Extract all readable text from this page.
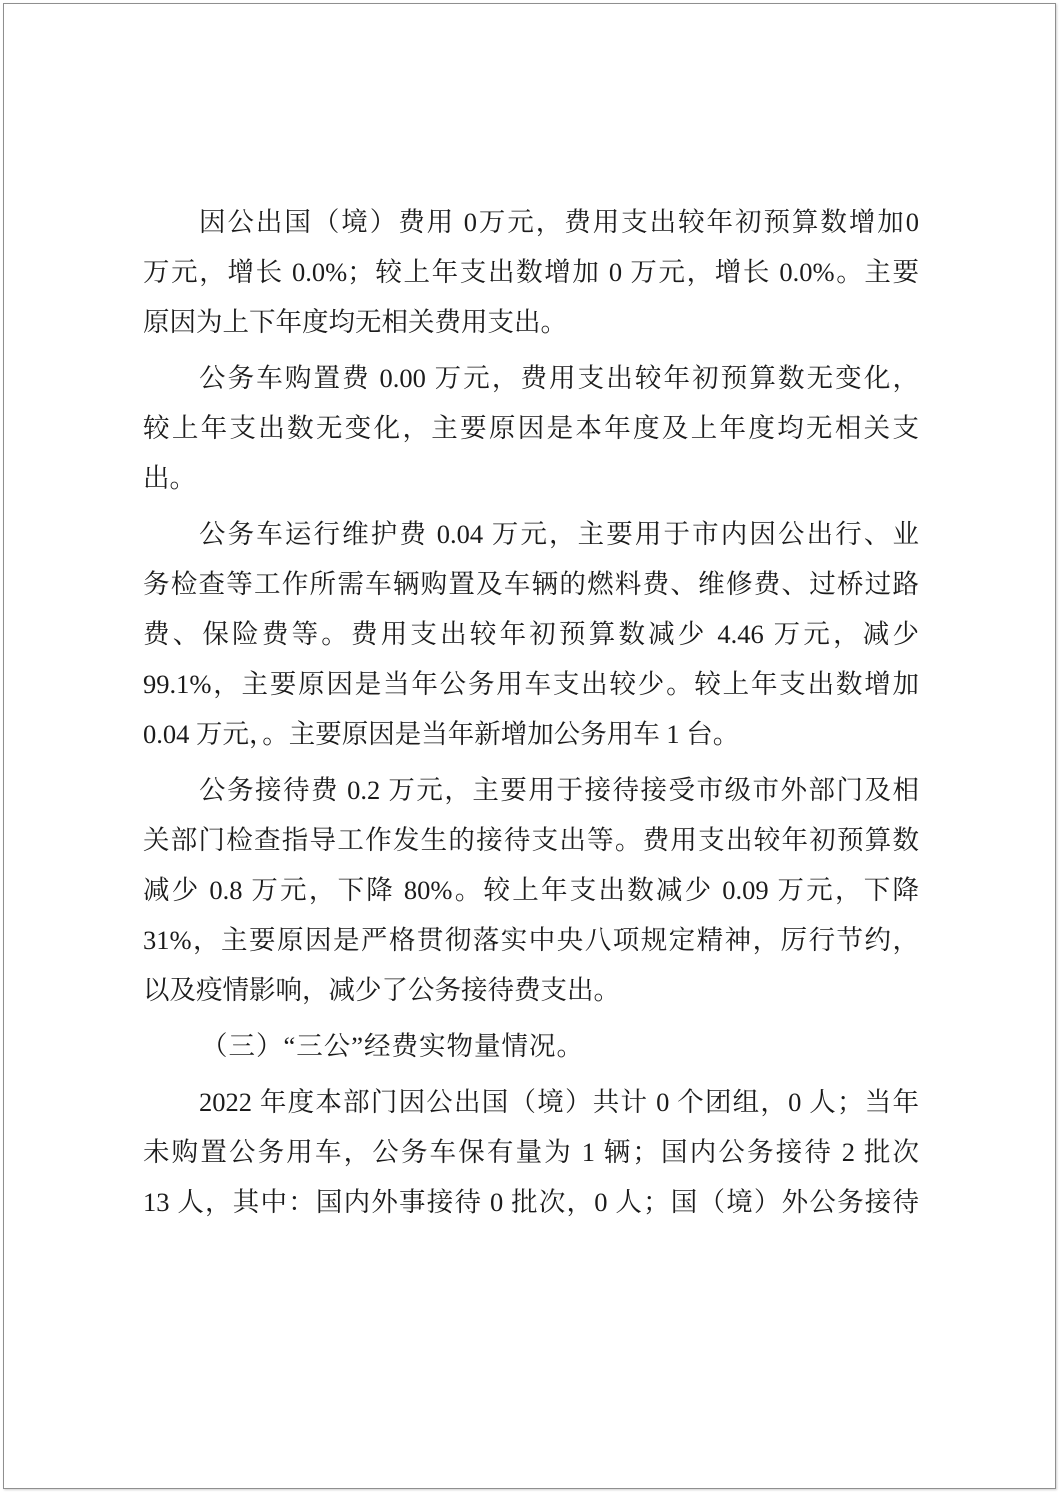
因公出国（境）费用 0万元，费用支出较年初预算数增加0
万元，增长 0.0%；较上年支出数增加 0 万元，增长 0.0%。主要
原因为上下年度均无相关费用支出。
公务车购置费 0.00 万元，费用支出较年初预算数无变化，
较上年支出数无变化，主要原因是本年度及上年度均无相关支
出。
公务车运行维护费 0.04 万元，主要用于市内因公出行、业
务检查等工作所需车辆购置及车辆的燃料费、维修费、过桥过路
费、保险费等。费用支出较年初预算数减少 4.46 万元，减少
99.1%，主要原因是当年公务用车支出较少。较上年支出数增加
0.04 万元，。主要原因是当年新增加公务用车 1 台。
公务接待费 0.2 万元，主要用于接待接受市级市外部门及相
关部门检查指导工作发生的接待支出等。费用支出较年初预算数
减少 0.8 万元，下降 80%。较上年支出数减少 0.09 万元，下降
31%，主要原因是严格贯彻落实中央八项规定精神，厉行节约，
以及疫情影响，减少了公务接待费支出。
（三）“三公”经费实物量情况。
2022 年度本部门因公出国（境）共计 0 个团组，0 人；当年
未购置公务用车，公务车保有量为 1 辆；国内公务接待 2 批次
13 人，其中：国内外事接待 0 批次，0 人；国（境）外公务接待
